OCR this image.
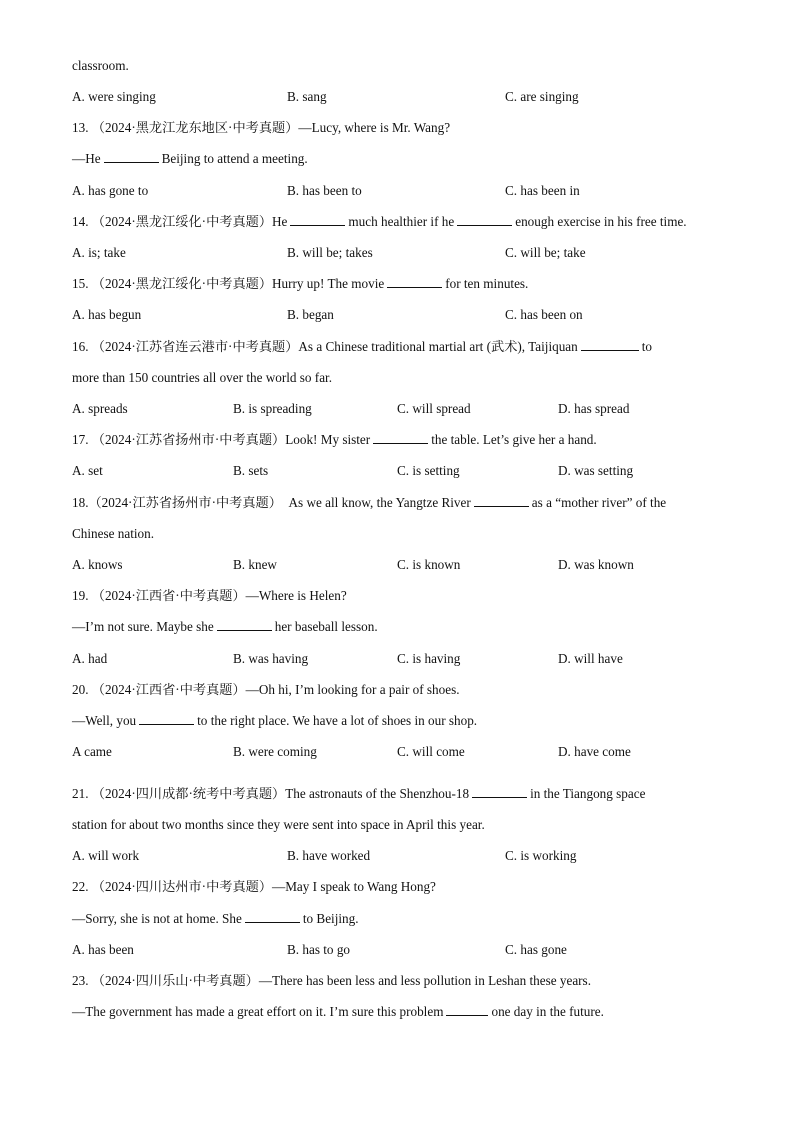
classroom.
A. were singing	B. sang	C. are singing
13. （2024·黑龙江龙东地区·中考真题）—Lucy, where is Mr. Wang?
—He	Beijing to attend a meeting.
A. has gone to	B. has been to	C. has been in
14. （2024·黑龙江绥化·中考真题）He	much healthier if he	enough exercise in his free time.
A. is; take	B. will be; takes	C. will be; take
15. （2024·黑龙江绥化·中考真题）Hurry up! The movie	for ten minutes.
A. has begun	B. began	C. has been on
16. （2024·江苏省连云港市·中考真题）As a Chinese traditional martial art (武术), Taijiquan	to
more than 150 countries all over the world so far.
A. spreads	B. is spreading	C. will spread	D. has spread
17. （2024·江苏省扬州市·中考真题）Look! My sister	the table. Let’s give her a hand.
A. set	B. sets	C. is setting	D. was setting
18.（2024·江苏省扬州市·中考真题） As we all know, the Yangtze River	as a “mother river” of the
Chinese nation.
A. knows	B. knew	C. is known	D. was known
19. （2024·江西省·中考真题）—Where is Helen?
—I’m not sure. Maybe she	her baseball lesson.
A. had	B. was having	C. is having	D. will have
20. （2024·江西省·中考真题）—Oh hi, I’m looking for a pair of shoes.
—Well, you	to the right place. We have a lot of shoes in our shop.
A came	B. were coming	C. will come	D. have come
21. （2024·四川成都·统考中考真题）The astronauts of the Shenzhou-18	in the Tiangong space
station for about two months since they were sent into space in April this year.
A. will work	B. have worked	C. is working
22. （2024·四川达州市·中考真题）—May I speak to Wang Hong?
—Sorry, she is not at home. She	to Beijing.
A. has been	B. has to go	C. has gone
23. （2024·四川乐山·中考真题）—There has been less and less pollution in Leshan these years.
—The government has made a great effort on it. I’m sure this problem	one day in the future.
